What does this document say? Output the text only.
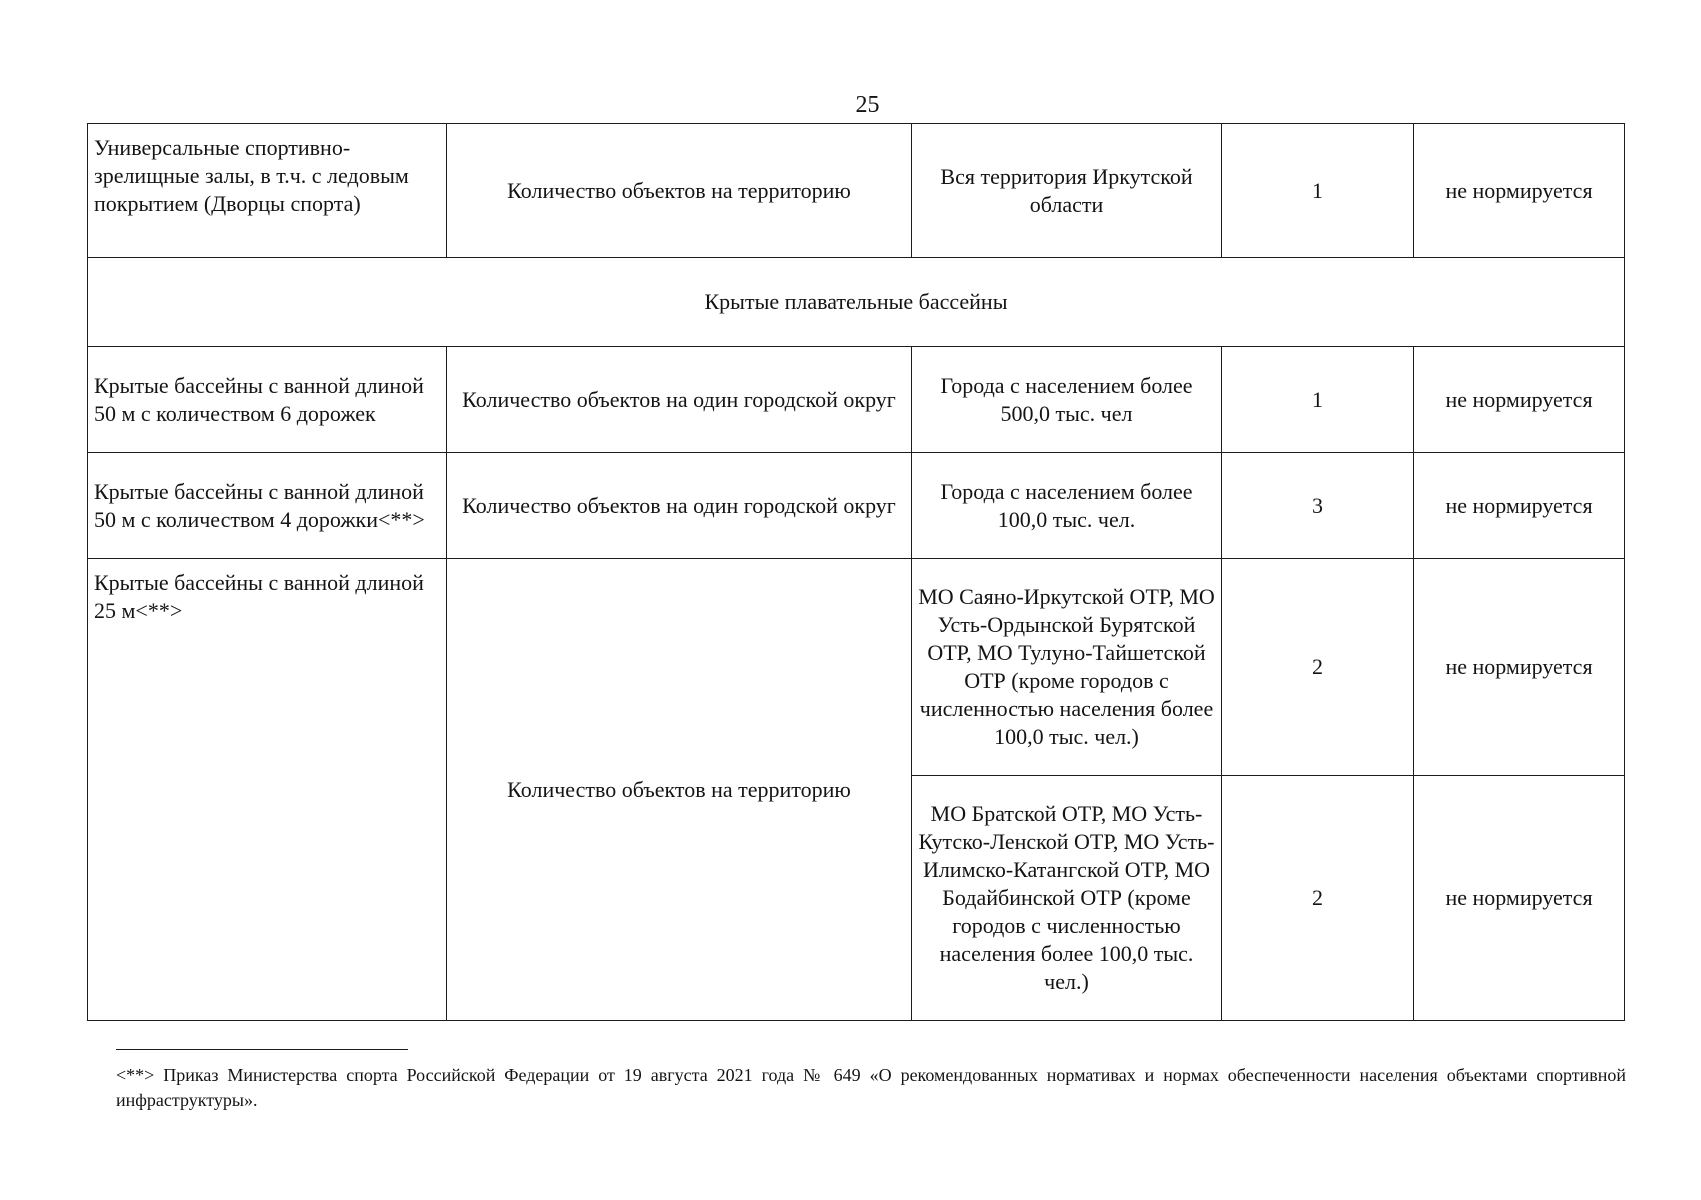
25
Универсальные спортивно-зрелищные залы, в т.ч. с ледовым покрытием (Дворцы спорта)	Количество объектов на территорию	Вся территория Иркутской области	1	не нормируется
Крытые плавательные бассейны				
Крытые бассейны с ванной длиной 50 м с количеством 6 дорожек	Количество объектов на один городской округ	Города с населением более 500,0 тыс. чел	1	не нормируется
Крытые бассейны с ванной длиной 50 м с количеством 4 дорожки<**>	Количество объектов на один городской округ	Города с населением более 100,0 тыс. чел.	3	не нормируется
Крытые бассейны с ванной длиной 25 м<**>	Количество объектов на территорию	МО Саяно-Иркутской ОТР, МО Усть-Ордынской Бурятской ОТР, МО Тулуно-Тайшетской ОТР (кроме городов с численностью населения более 100,0 тыс. чел.)	2	не нормируется
		МО Братской ОТР, МО Усть-Кутско-Ленской ОТР, МО Усть-Илимско-Катангской ОТР, МО Бодайбинской ОТР (кроме городов с численностью населения более 100,0 тыс. чел.)	2	не нормируется
<**> Приказ Министерства спорта Российской Федерации от 19 августа 2021 года № 649 «О рекомендованных нормативах и нормах обеспеченности населения объектами спортивной инфраструктуры».
